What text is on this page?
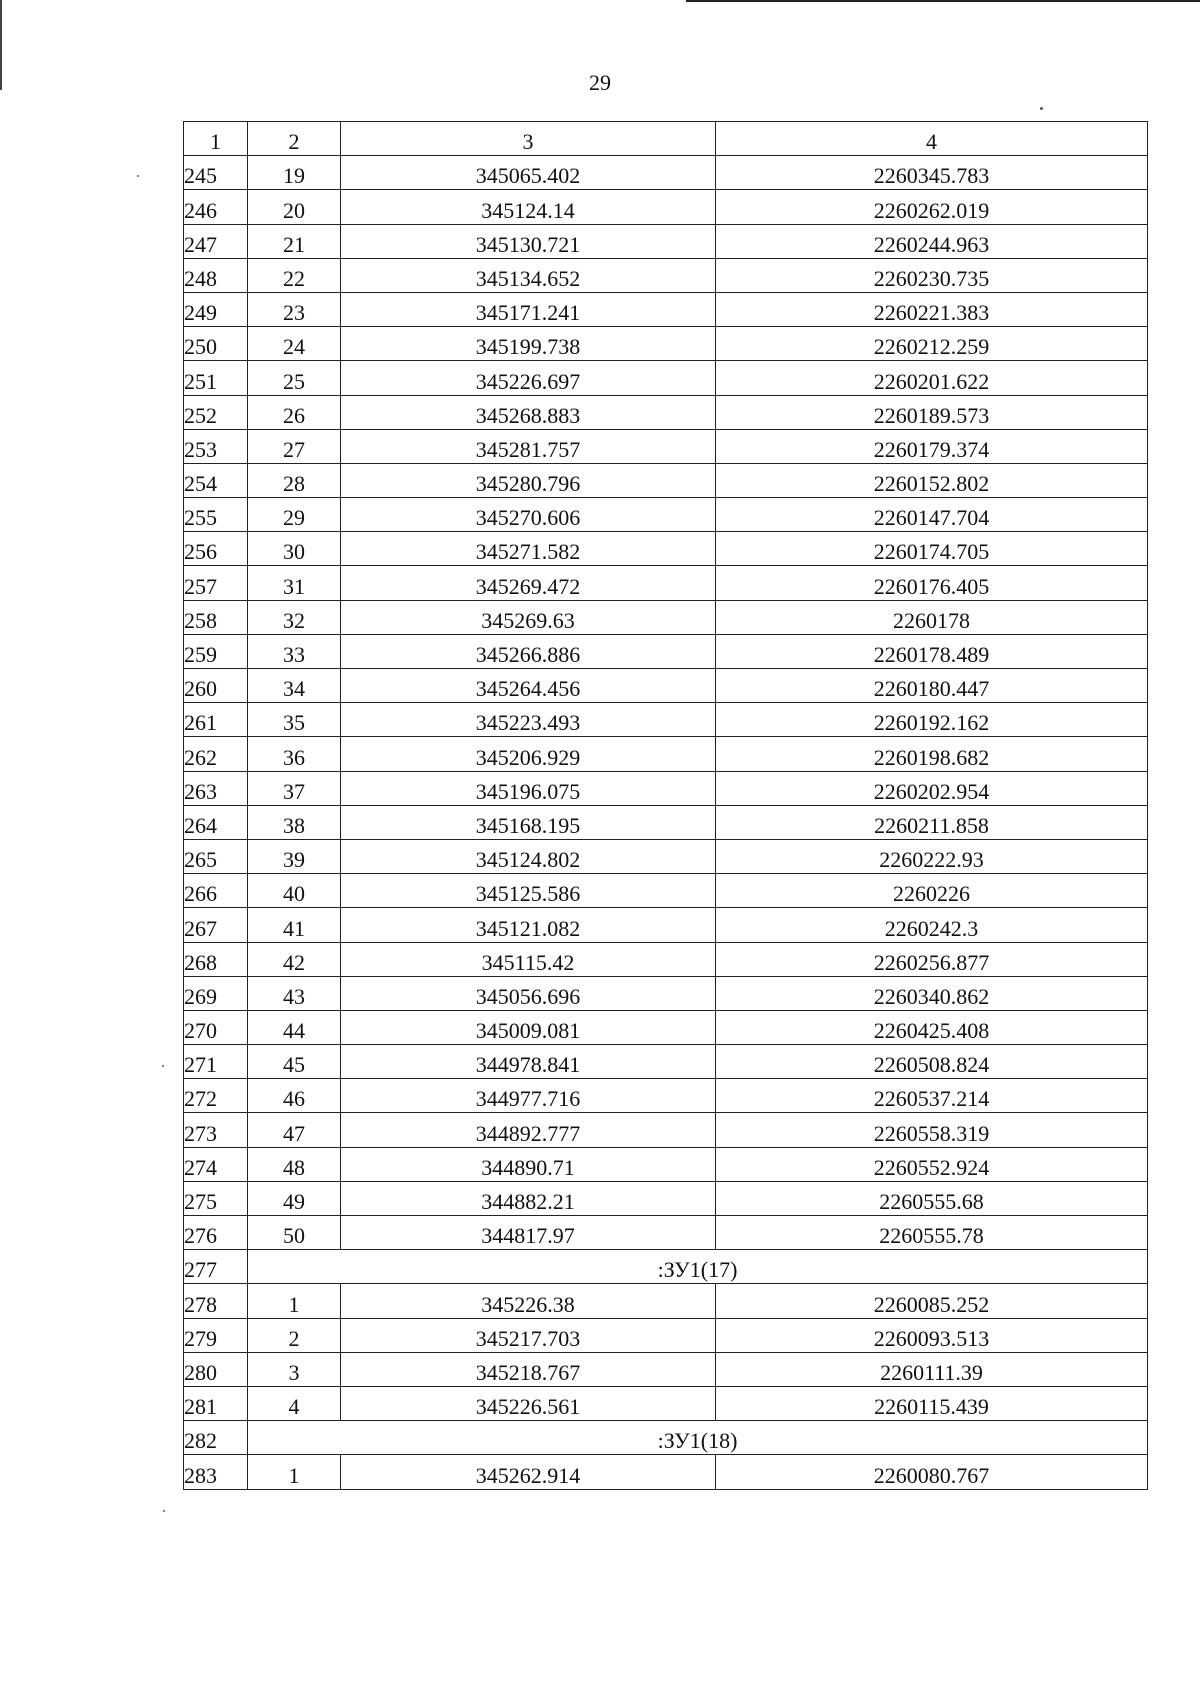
29
1	2	3	4
245	19	345065.402	2260345.783
246	20	345124.14	2260262.019
247	21	345130.721	2260244.963
248	22	345134.652	2260230.735
249	23	345171.241	2260221.383
250	24	345199.738	2260212.259
251	25	345226.697	2260201.622
252	26	345268.883	2260189.573
253	27	345281.757	2260179.374
254	28	345280.796	2260152.802
255	29	345270.606	2260147.704
256	30	345271.582	2260174.705
257	31	345269.472	2260176.405
258	32	345269.63	2260178
259	33	345266.886	2260178.489
260	34	345264.456	2260180.447
261	35	345223.493	2260192.162
262	36	345206.929	2260198.682
263	37	345196.075	2260202.954
264	38	345168.195	2260211.858
265	39	345124.802	2260222.93
266	40	345125.586	2260226
267	41	345121.082	2260242.3
268	42	345115.42	2260256.877
269	43	345056.696	2260340.862
270	44	345009.081	2260425.408
271	45	344978.841	2260508.824
272	46	344977.716	2260537.214
273	47	344892.777	2260558.319
274	48	344890.71	2260552.924
275	49	344882.21	2260555.68
276	50	344817.97	2260555.78
277	:ЗУ1(17)		
278	1	345226.38	2260085.252
279	2	345217.703	2260093.513
280	3	345218.767	2260111.39
281	4	345226.561	2260115.439
282	:ЗУ1(18)		
283	1	345262.914	2260080.767
